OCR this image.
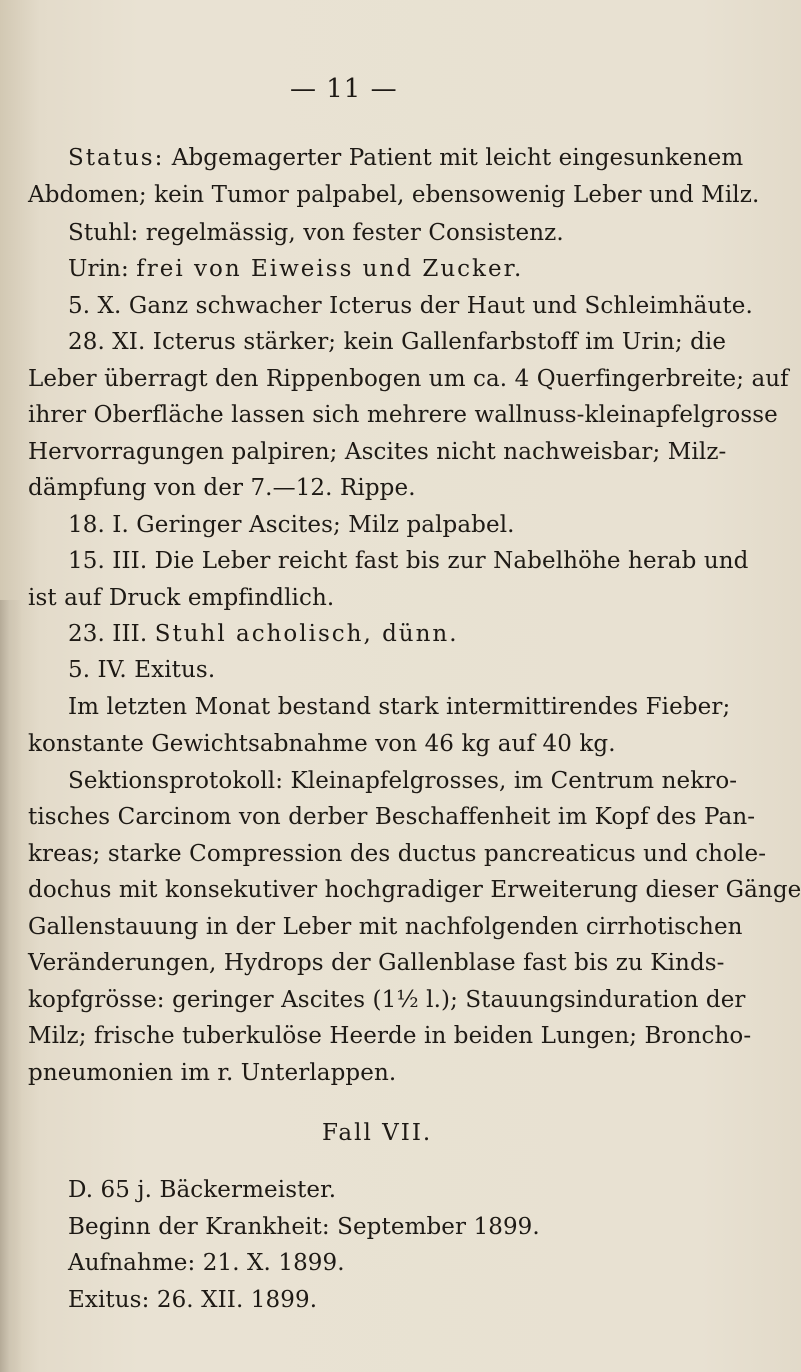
— 11 —
Status: Abgemagerter Patient mit leicht eingesunkenem
Abdomen; kein Tumor palpabel, ebensowenig Leber und Milz.
Stuhl: regelmässig, von fester Consistenz.
Urin: frei von Eiweiss und Zucker.
5. X. Ganz schwacher Icterus der Haut und Schleimhäute.
28. XI. Icterus stärker; kein Gallenfarbstoff im Urin; die
Leber überragt den Rippenbogen um ca. 4 Querfingerbreite; auf
ihrer Oberfläche lassen sich mehrere wallnuss-kleinapfelgrosse
Hervorragungen palpiren; Ascites nicht nachweisbar; Milz-
dämpfung von der 7.—12. Rippe.
18. I. Geringer Ascites; Milz palpabel.
15. III. Die Leber reicht fast bis zur Nabelhöhe herab und
ist auf Druck empfindlich.
23. III. Stuhl acholisch, dünn.
5. IV. Exitus.
Im letzten Monat bestand stark intermittirendes Fieber;
konstante Gewichtsabnahme von 46 kg auf 40 kg.
Sektionsprotokoll: Kleinapfelgrosses, im Centrum nekro-
tisches Carcinom von derber Beschaffenheit im Kopf des Pan-
kreas; starke Compression des ductus pancreaticus und chole-
dochus mit konsekutiver hochgradiger Erweiterung dieser Gänge
Gallenstauung in der Leber mit nachfolgenden cirrhotischen
Veränderungen, Hydrops der Gallenblase fast bis zu Kinds-
kopfgrösse: geringer Ascites (1½ l.); Stauungsinduration der
Milz; frische tuberkulöse Heerde in beiden Lungen; Broncho-
pneumonien im r. Unterlappen.
Fall VII.
D. 65 j. Bäckermeister.
Beginn der Krankheit: September 1899.
Aufnahme: 21. X. 1899.
Exitus: 26. XII. 1899.
